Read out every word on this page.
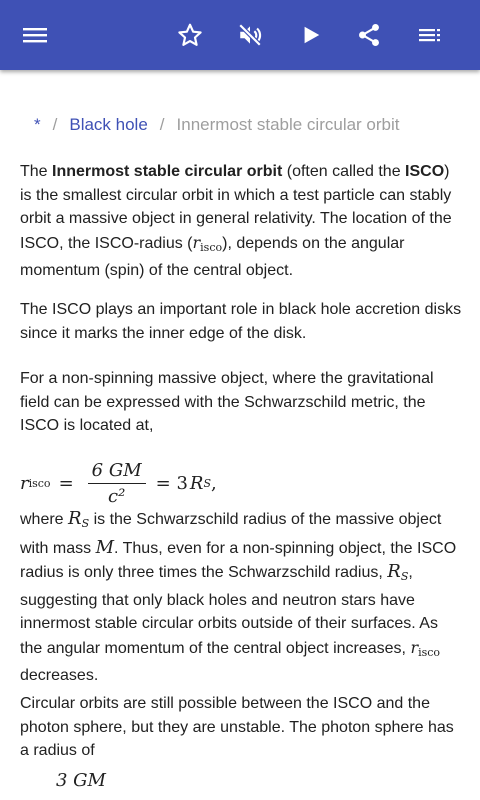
* / Black hole / Innermost stable circular orbit

The Innermost stable circular orbit (often called the ISCO) is the smallest circular orbit in which a test particle can stably orbit a massive object in general relativity. The location of the ISCO, the ISCO-radius $(r_{isco})$, depends on the angular momentum (spin) of the central object.

The ISCO plays an important role in black hole accretion disks since it marks the inner edge of the disk.

For a non-spinning massive object, where the gravitational field can be expressed with the Schwarzschild metric, the ISCO is located at,

r isco = $\frac{6 GM}{\text{c²}} = 3$ R S ,

where RS is the Schwarzschild radius of the massive object with mass M. Thus, even for a non-spinning object, the ISCO radius is only three times the Schwarzschild radius, RS, suggesting that only black holes and neutron stars have innermost stable circular orbits outside of their surfaces. As the angular momentum of the central object increases, $r_{isco}$ decreases.

Circular orbits are still possible between the ISCO and the photon sphere, but they are unstable. The photon sphere has a radius of

3 GM
